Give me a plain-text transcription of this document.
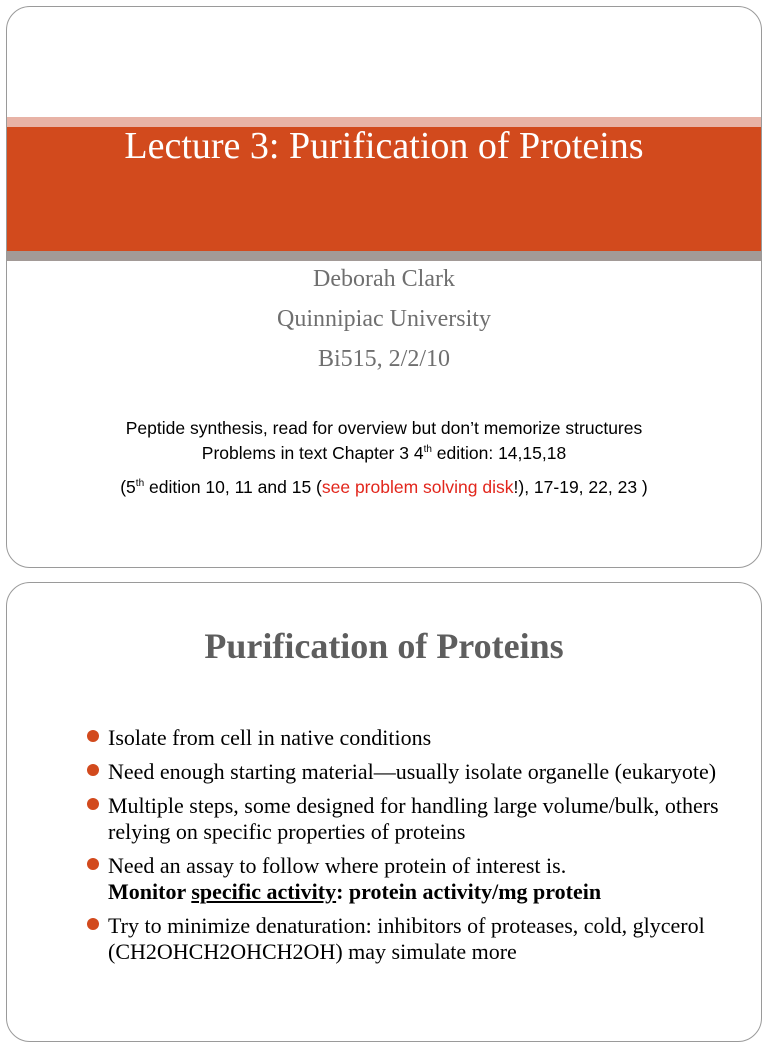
Lecture 3: Purification of Proteins
Deborah Clark
Quinnipiac University
Bi515, 2/2/10
Peptide synthesis, read for overview but don’t memorize structures
Problems in text Chapter 3 4th edition: 14,15,18
(5th edition 10, 11 and 15 (see problem solving disk!), 17-19, 22, 23 )
Purification of Proteins
Isolate from cell in native conditions
Need enough starting material—usually isolate organelle (eukaryote)
Multiple steps, some designed for handling large volume/bulk, others relying on specific properties of proteins
Need an assay to follow where protein of interest is.
Monitor specific activity: protein activity/mg protein
Try to minimize denaturation: inhibitors of proteases, cold, glycerol (CH2OHCH2OHCH2OH) may simulate more
